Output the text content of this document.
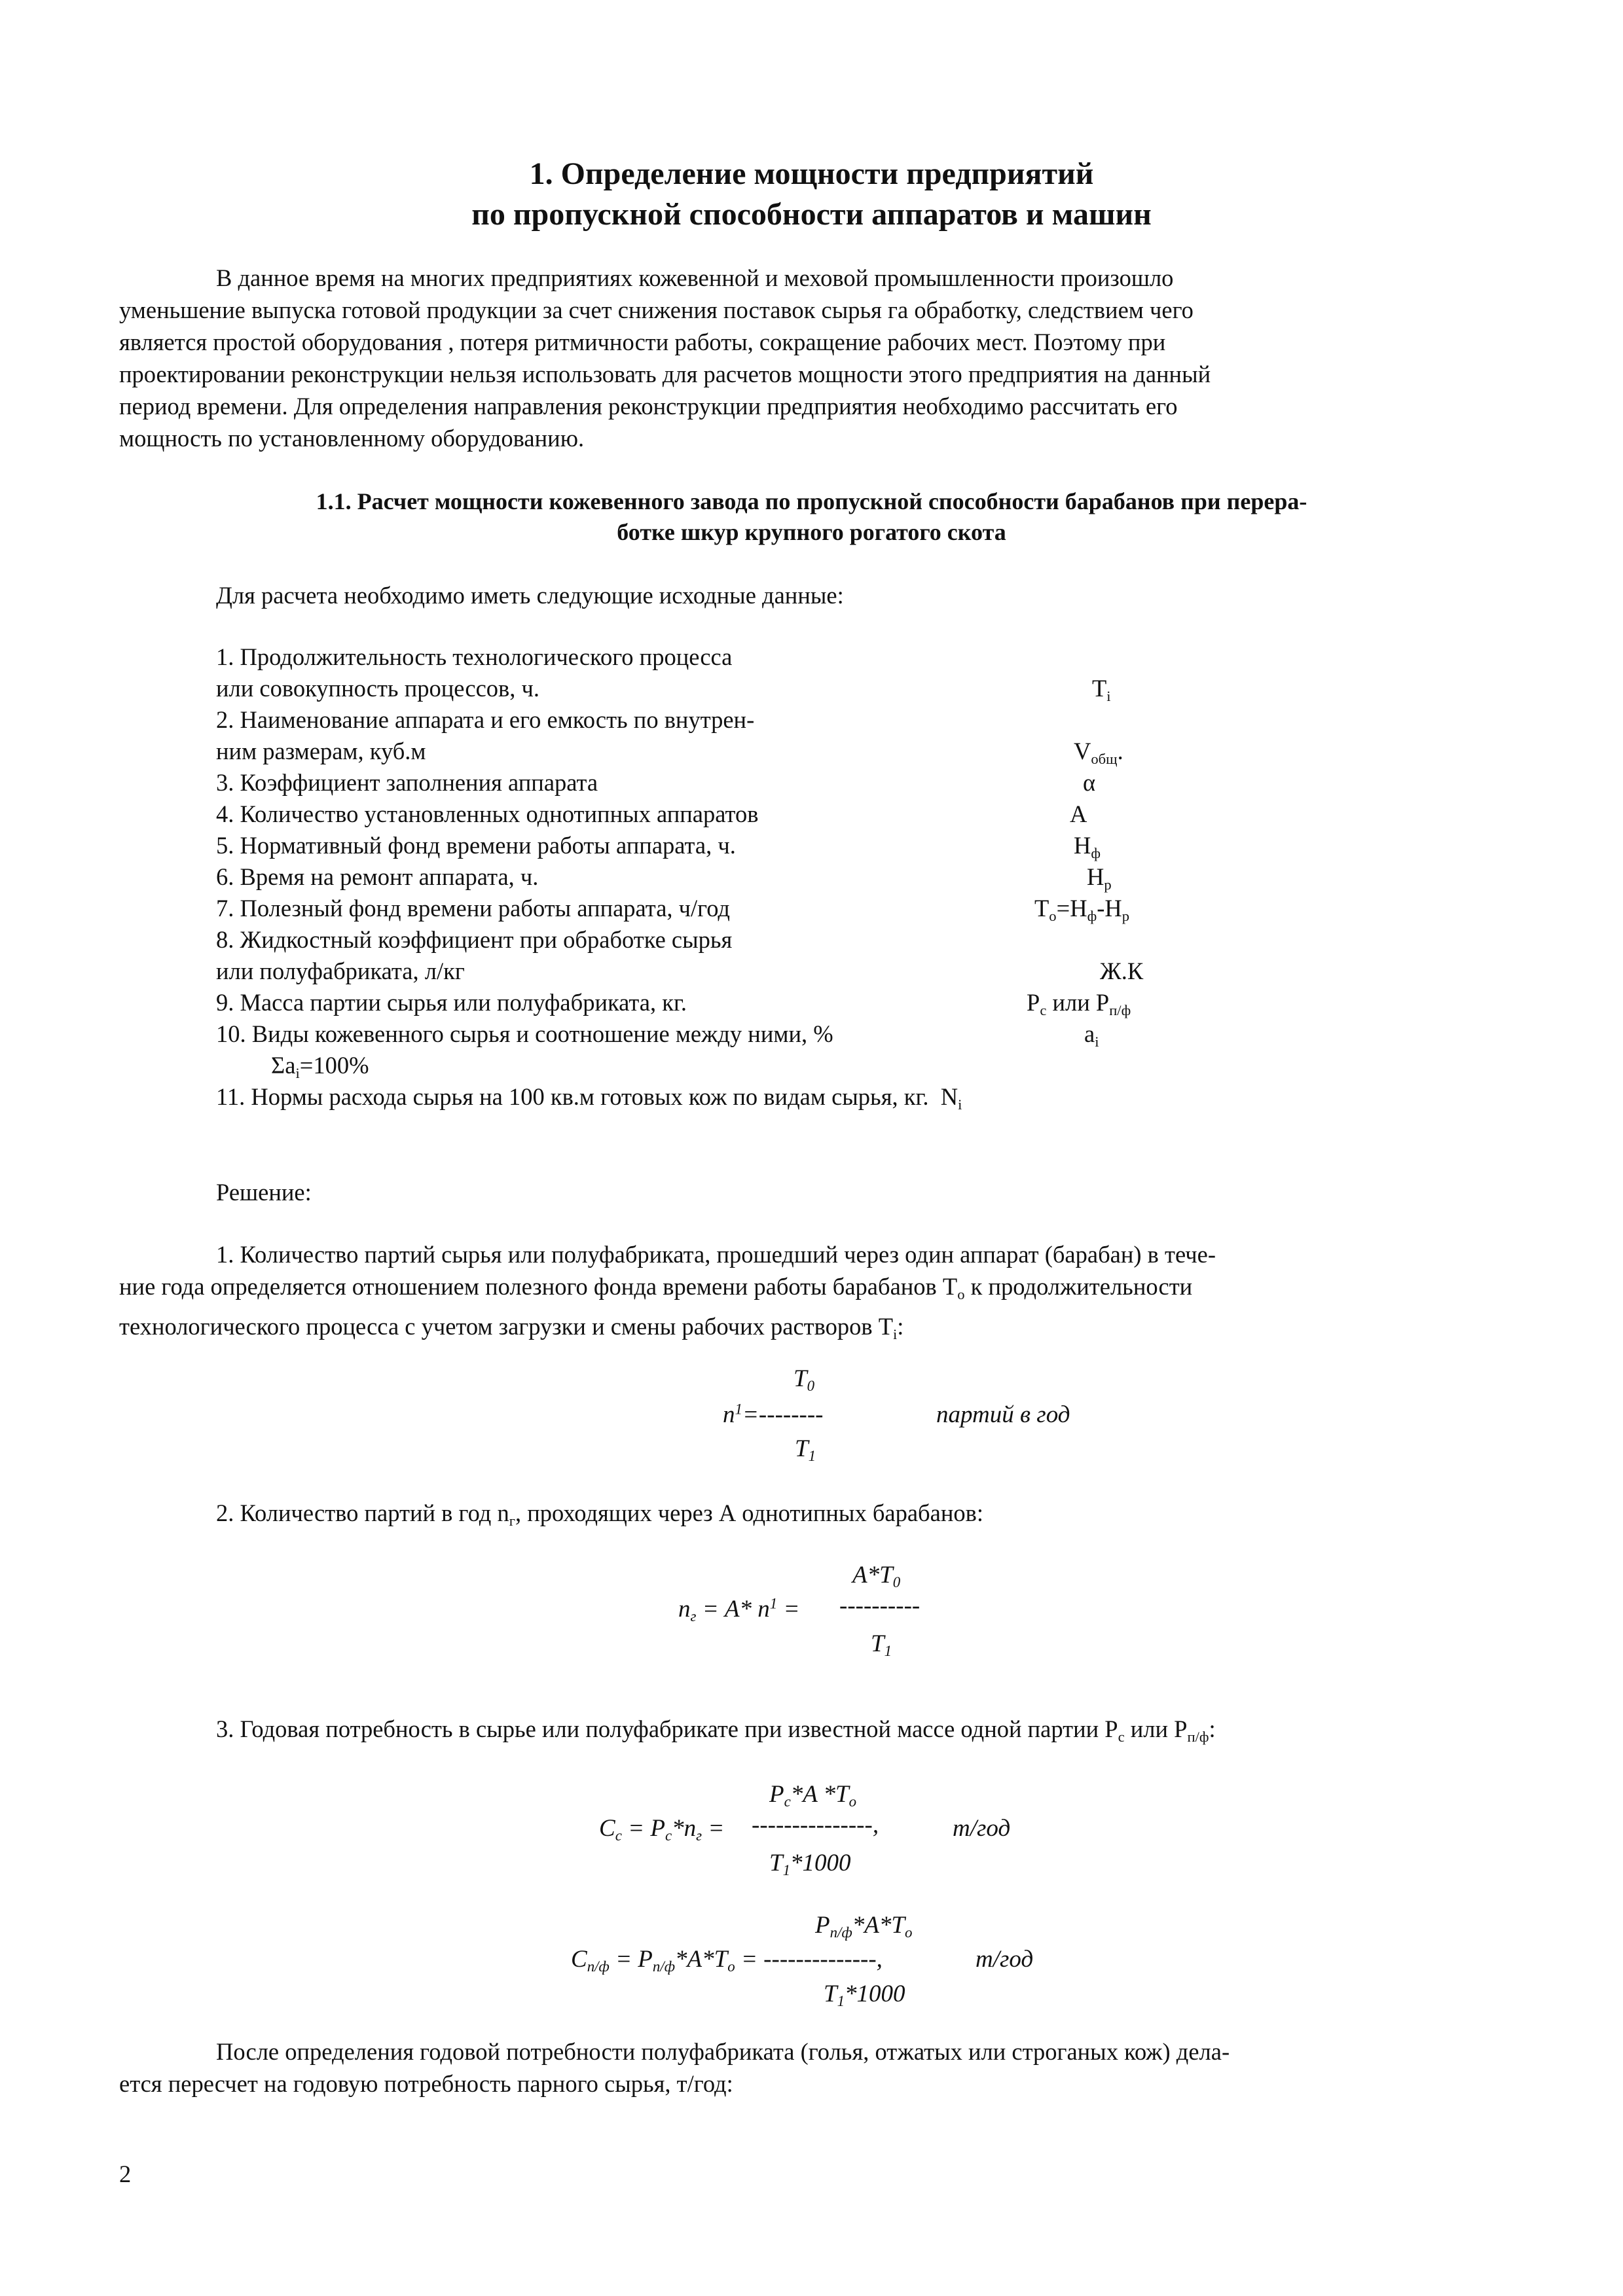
1. Определение мощности предприятий
по пропускной способности аппаратов и машин
В данное время на многих предприятиях кожевенной и меховой промышленности произошло
уменьшение выпуска готовой продукции за счет снижения поставок сырья га обработку, следствием чего
является простой оборудования , потеря ритмичности работы, сокращение рабочих мест. Поэтому при
проектировании реконструкции нельзя использовать для расчетов мощности этого предприятия на данный
период времени. Для определения направления реконструкции предприятия необходимо рассчитать его
мощность по установленному оборудованию.
1.1. Расчет мощности кожевенного завода по пропускной способности барабанов при перера-
ботке шкур крупного рогатого скота
Для расчета необходимо иметь следующие исходные данные:
1. Продолжительность технологического процесса
или совокупность процессов, ч.	$Т_i$
2. Наименование аппарата и его емкость по внутрен-
ним размерам, куб.м	$V_{общ}$.
3. Коэффициент заполнения аппарата	α
4. Количество установленных однотипных аппаратов	А
5. Нормативный фонд времени работы аппарата, ч.	$Н_ф$
6. Время на ремонт аппарата, ч.	$Н_р$
7. Полезный фонд времени работы аппарата, ч/год	$Т_о=Н_ф-Н_р$
8. Жидкостный коэффициент при обработке сырья
или полуфабриката, л/кг	Ж.К
9. Масса партии сырья или полуфабриката, кг.	$Р_с$ или $Р_{п/ф}$
10. Виды кожевенного сырья и соотношение между ними, %	$a_i$
$\Sigma a_i=100\%$
11. Нормы расхода сырья на 100 кв.м готовых кож по видам сырья, кг. $N_i$
Решение:
1. Количество партий сырья или полуфабриката, прошедший через один аппарат (барабан) в тече-
ние года определяется отношением полезного фонда времени работы барабанов $Т_о$ к продолжительности
технологического процесса с учетом загрузки и смены рабочих растворов $Т_i$:
$T_0$
$n^1=--------$	партий в год
$T_1$
2. Количество партий в год $n_г$, проходящих через А однотипных барабанов:
$A*T_0$
$n_г = A*$ $n^1$ = ----------
$T_1$
3. Годовая потребность в сырье или полуфабрикате при известной массе одной партии $Р_с$ или $Р_{п/ф}$:
$P_c*A$ $*T_o$
$C_c = P_c*n_г$ = ---------------,	т/год
$T_1*1000$
$P_{п/ф}*A*T_o$
$C_{п/ф} = P_{п/ф}*A*T_o$ = --------------,	т/год
$T_1*1000$
После определения годовой потребности полуфабриката (голья, отжатых или строганых кож) дела-
ется пересчет на годовую потребность парного сырья, т/год:
2
